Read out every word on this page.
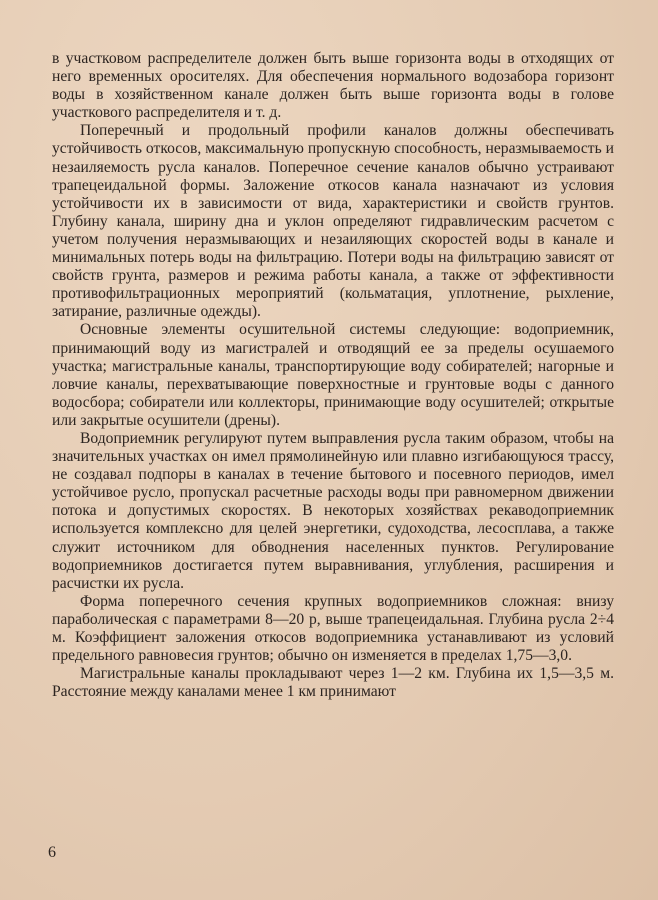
в участковом распределителе должен быть выше горизонта воды в отходящих от него временных оросителях. Для обеспечения нормального водозабора горизонт воды в хозяйственном канале должен быть выше горизонта воды в голове участкового распределителя и т. д.

Поперечный и продольный профили каналов должны обеспечивать устойчивость откосов, максимальную пропускную способность, неразмываемость и незаиляемость русла каналов. Поперечное сечение каналов обычно устраивают трапецеидальной формы. Заложение откосов канала назначают из условия устойчивости их в зависимости от вида, характеристики и свойств грунтов. Глубину канала, ширину дна и уклон определяют гидравлическим расчетом с учетом получения неразмывающих и незаиляющих скоростей воды в канале и минимальных потерь воды на фильтрацию. Потери воды на фильтрацию зависят от свойств грунта, размеров и режима работы канала, а также от эффективности противофильтрационных мероприятий (кольматация, уплотнение, рыхление, затирание, различные одежды).

Основные элементы осушительной системы следующие: водоприемник, принимающий воду из магистралей и отводящий ее за пределы осушаемого участка; магистральные каналы, транспортирующие воду собирателей; нагорные и ловчие каналы, перехватывающие поверхностные и грунтовые воды с данного водосбора; собиратели или коллекторы, принимающие воду осушителей; открытые или закрытые осушители (дрены).

Водоприемник регулируют путем выправления русла таким образом, чтобы на значительных участках он имел прямолинейную или плавно изгибающуюся трассу, не создавал подпоры в каналах в течение бытового и посевного периодов, имел устойчивое русло, пропускал расчетные расходы воды при равномерном движении потока и допустимых скоростях. В некоторых хозяйствах рекаводоприемник используется комплексно для целей энергетики, судоходства, лесосплава, а также служит источником для обводнения населенных пунктов. Регулирование водоприемников достигается путем выравнивания, углубления, расширения и расчистки их русла.

Форма поперечного сечения крупных водоприемников сложная: внизу параболическая с параметрами 8—20 р, выше трапецеидальная. Глубина русла 2÷4 м. Коэффициент заложения откосов водоприемника устанавливают из условий предельного равновесия грунтов; обычно он изменяется в пределах 1,75—3,0.

Магистральные каналы прокладывают через 1—2 км. Глубина их 1,5—3,5 м. Расстояние между каналами менее 1 км принимают

6
